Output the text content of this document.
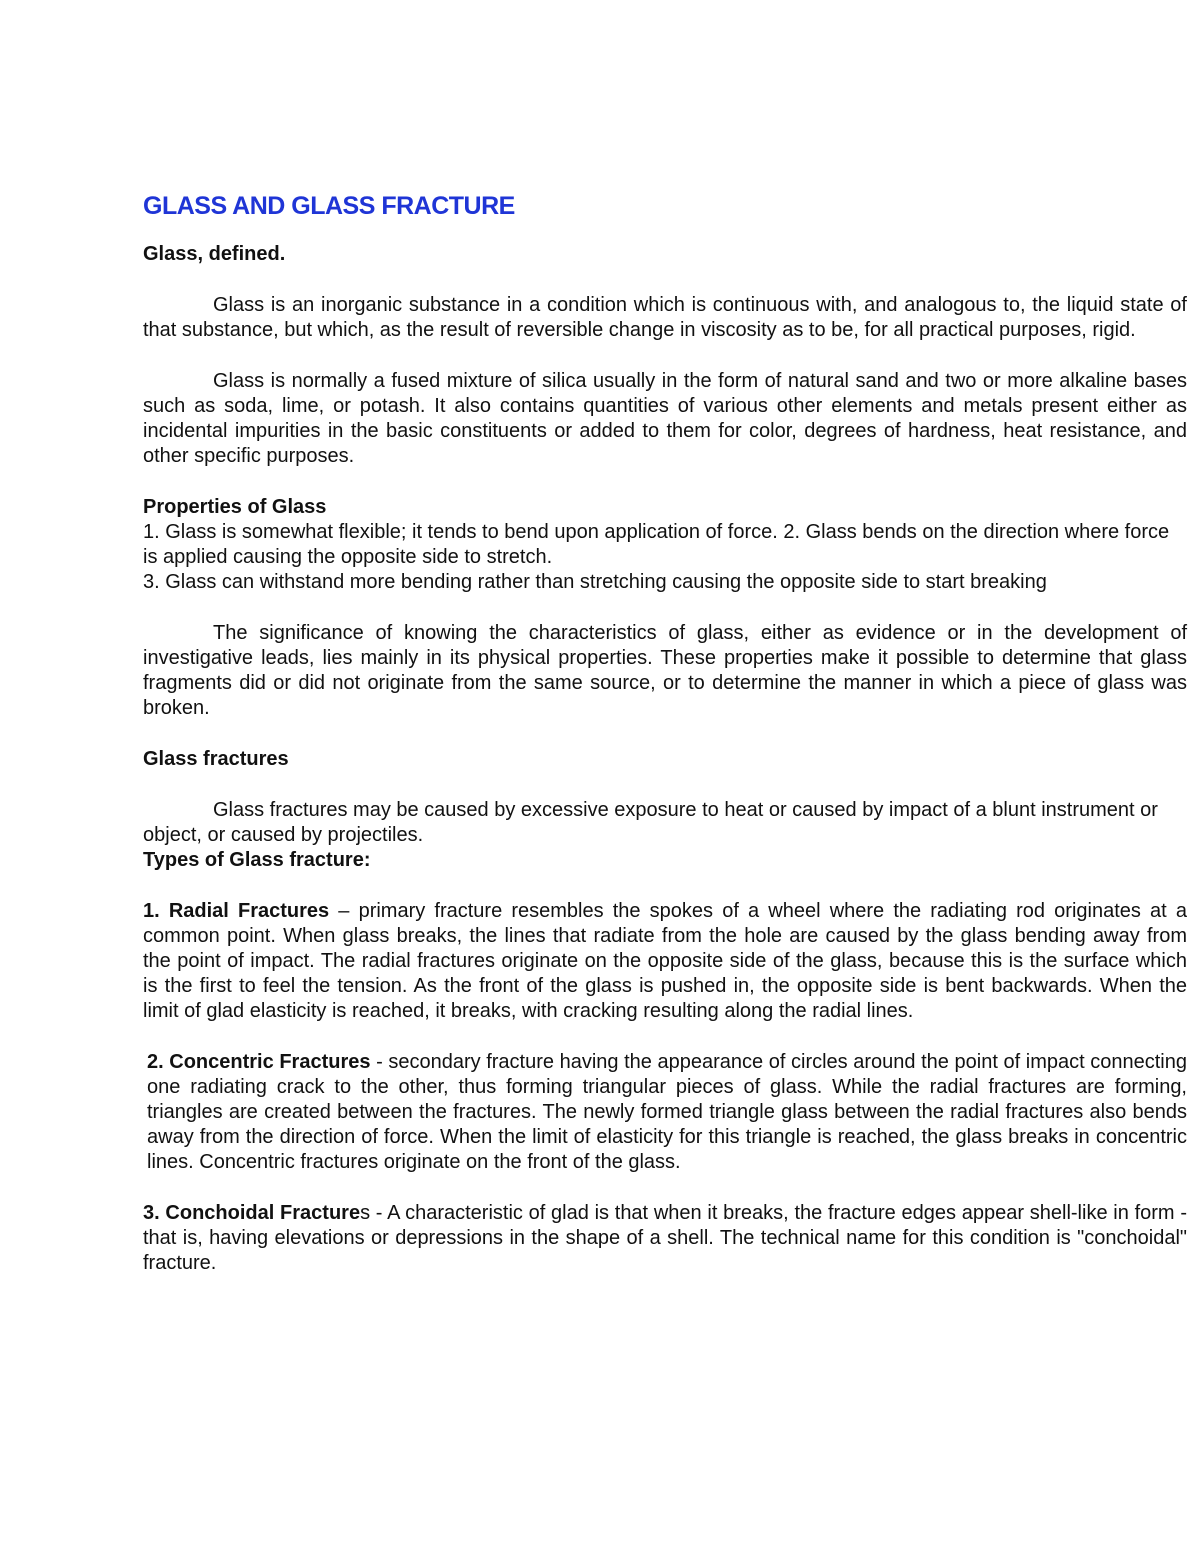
GLASS AND GLASS FRACTURE

Glass, defined.

Glass is an inorganic substance in a condition which is continuous with, and analogous to, the liquid state of that substance, but which, as the result of reversible change in viscosity as to be, for all practical purposes, rigid.

Glass is normally a fused mixture of silica usually in the form of natural sand and two or more alkaline bases such as soda, lime, or potash. It also contains quantities of various other elements and metals present either as incidental impurities in the basic constituents or added to them for color, degrees of hardness, heat resistance, and other specific purposes.

Properties of Glass

1. Glass is somewhat flexible; it tends to bend upon application of force. 2. Glass bends on the direction where force is applied causing the opposite side to stretch.

3. Glass can withstand more bending rather than stretching causing the opposite side to start breaking

The significance of knowing the characteristics of glass, either as evidence or in the development of investigative leads, lies mainly in its physical properties. These properties make it possible to determine that glass fragments did or did not originate from the same source, or to determine the manner in which a piece of glass was broken.

Glass fractures

Glass fractures may be caused by excessive exposure to heat or caused by impact of a blunt instrument or object, or caused by projectiles.

Types of Glass fracture:

1. Radial Fractures – primary fracture resembles the spokes of a wheel where the radiating rod originates at a common point. When glass breaks, the lines that radiate from the hole are caused by the glass bending away from the point of impact. The radial fractures originate on the opposite side of the glass, because this is the surface which is the first to feel the tension. As the front of the glass is pushed in, the opposite side is bent backwards. When the limit of glad elasticity is reached, it breaks, with cracking resulting along the radial lines.

2. Concentric Fractures - secondary fracture having the appearance of circles around the point of impact connecting one radiating crack to the other, thus forming triangular pieces of glass. While the radial fractures are forming, triangles are created between the fractures. The newly formed triangle glass between the radial fractures also bends away from the direction of force. When the limit of elasticity for this triangle is reached, the glass breaks in concentric lines. Concentric fractures originate on the front of the glass.

3. Conchoidal Fractures - A characteristic of glad is that when it breaks, the fracture edges appear shell-like in form - that is, having elevations or depressions in the shape of a shell. The technical name for this condition is "conchoidal" fracture.
